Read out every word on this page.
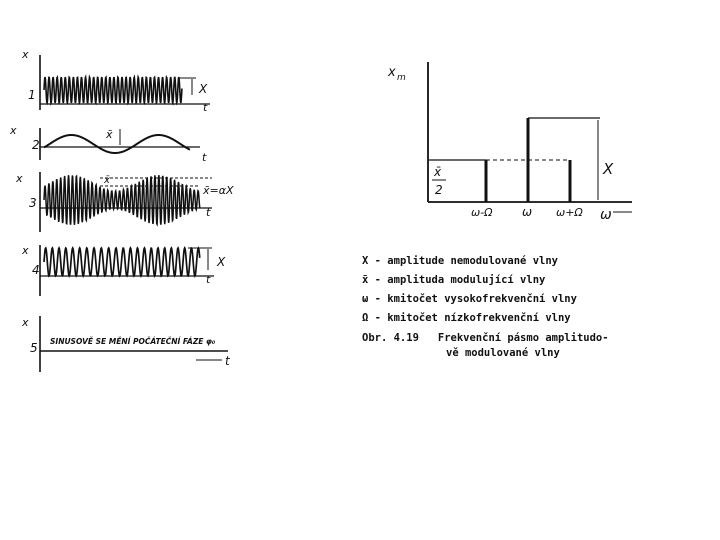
x
1	X
t
x
2
x̄
t
x
3
x̄
x̄=αX
t
x
4
X
t
x
5 SINUSOVĚ SE MĚNÍ POČÁTEČNÍ FÁZE φ₀
t
x m
x̄
2
X
ω-Ω ω ω+Ω ω
X - amplitude nemodulované vlny
x̄ - amplituda modulující vlny
ω - kmitočet vysokofrekvenční vlny
Ω - kmitočet nízkofrekvenční vlny
Obr. 4.19 Frekvenční pásmo amplitudo-
vě modulované vlny
